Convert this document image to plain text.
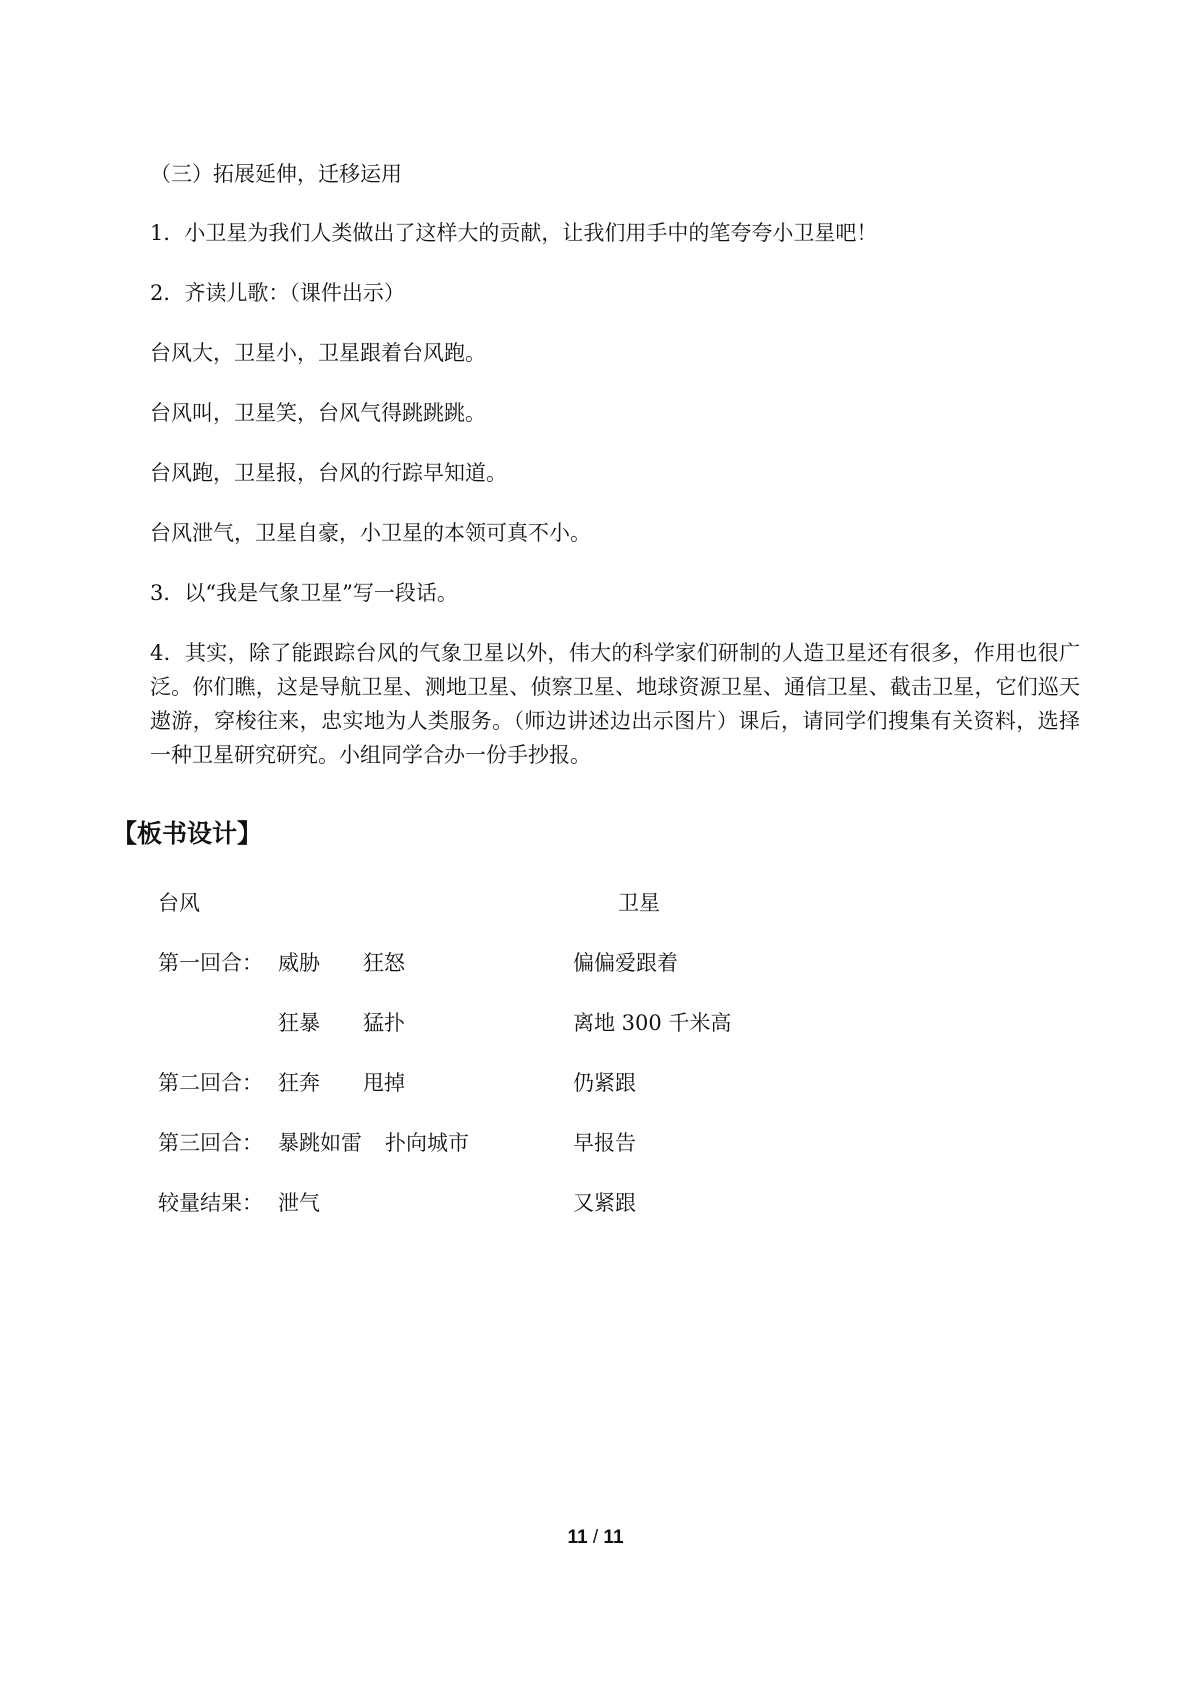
（三）拓展延伸，迁移运用
1．小卫星为我们人类做出了这样大的贡献，让我们用手中的笔夸夸小卫星吧！
2．齐读儿歌：（课件出示）
台风大，卫星小，卫星跟着台风跑。
台风叫，卫星笑，台风气得跳跳跳。
台风跑，卫星报，台风的行踪早知道。
台风泄气，卫星自豪，小卫星的本领可真不小。
3．以“我是气象卫星”写一段话。
4．其实，除了能跟踪台风的气象卫星以外，伟大的科学家们研制的人造卫星还有很多，作用也很广泛。你们瞧，这是导航卫星、测地卫星、侦察卫星、地球资源卫星、通信卫星、截击卫星，它们巡天遨游，穿梭往来，忠实地为人类服务。（师边讲述边出示图片）课后，请同学们搜集有关资料，选择一种卫星研究研究。小组同学合办一份手抄报。
【板书设计】
台风	卫星
第一回合： 威胁 狂怒	偏偏爱跟着
狂暴 猛扑	离地 300 千米高
第二回合： 狂奔 甩掉	仍紧跟
第三回合： 暴跳如雷 扑向城市	早报告
较量结果： 泄气	又紧跟
11 / 11
